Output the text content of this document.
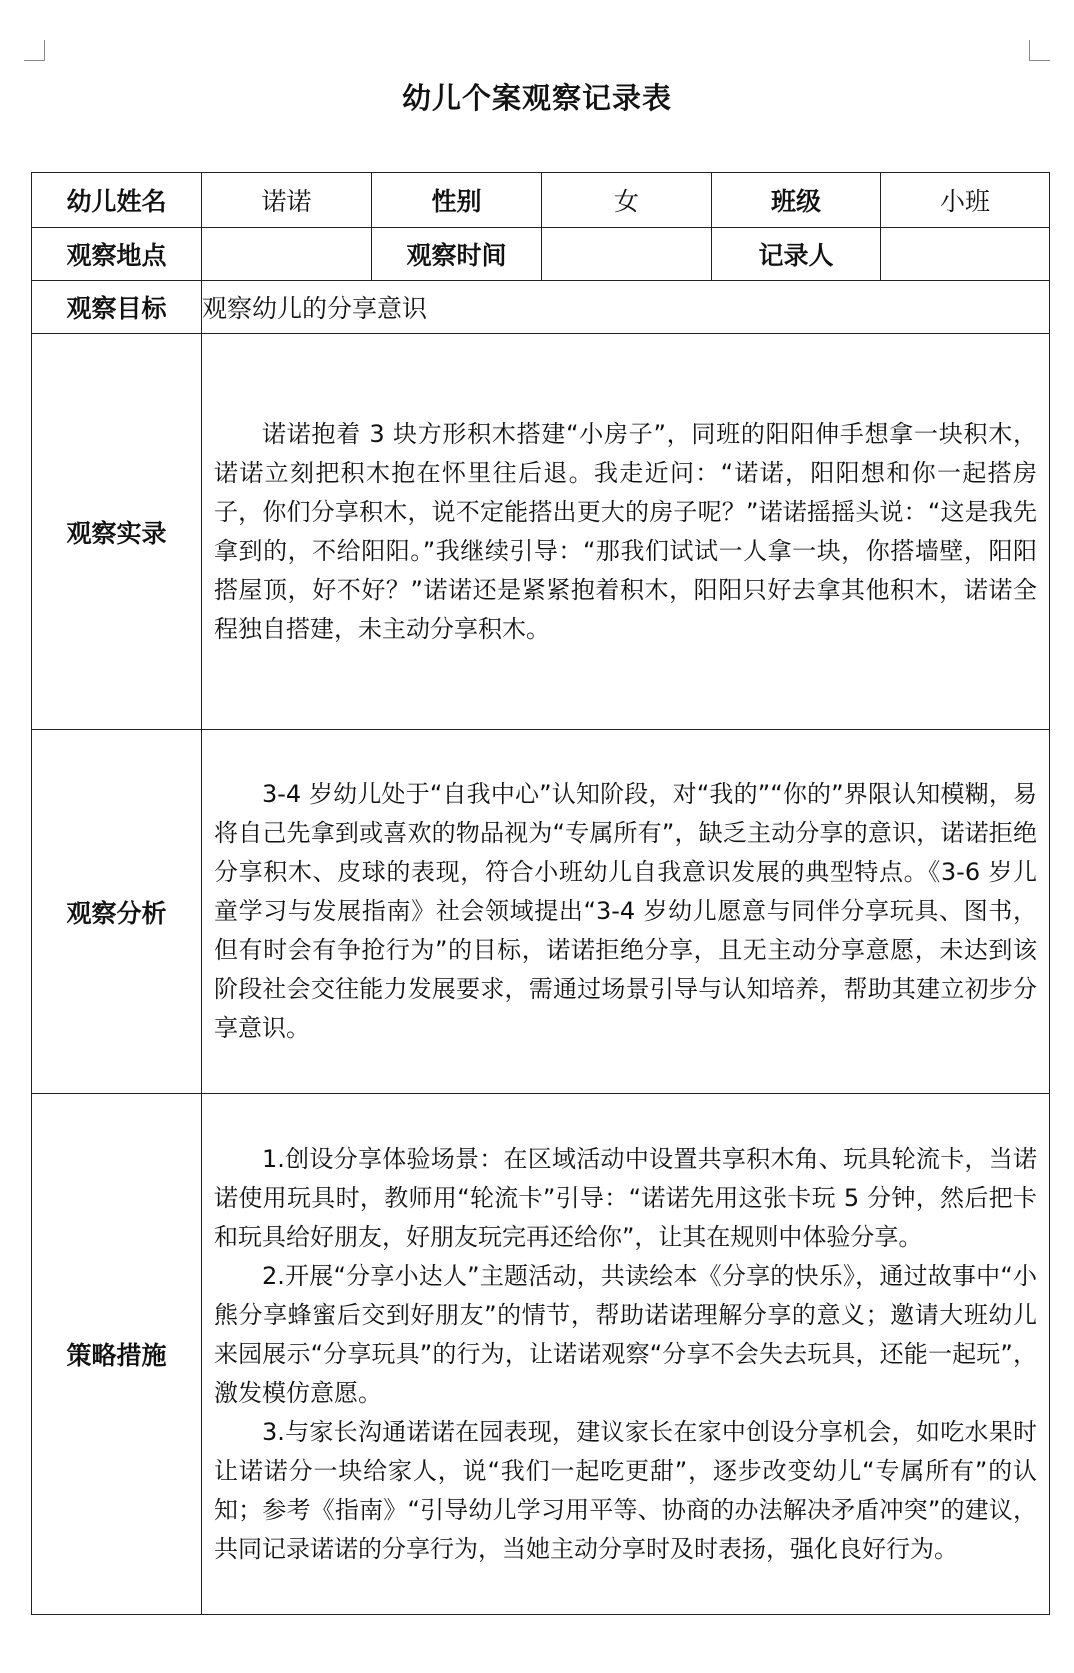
幼儿个案观察记录表
幼儿姓名	诺诺	性别	女	班级	小班
观察地点		观察时间		记录人	
观察目标	观察幼儿的分享意识				
观察实录	诺诺抱着 3 块方形积木搭建“小房子”，同班的阳阳伸手想拿一块积木，诺诺立刻把积木抱在怀里往后退。我走近问：“诺诺，阳阳想和你一起搭房子，你们分享积木，说不定能搭出更大的房子呢？”诺诺摇摇头说：“这是我先拿到的，不给阳阳。”我继续引导：“那我们试试一人拿一块，你搭墙壁，阳阳搭屋顶，好不好？”诺诺还是紧紧抱着积木，阳阳只好去拿其他积木，诺诺全程独自搭建，未主动分享积木。				

观察分析	3-4 岁幼儿处于“自我中心”认知阶段，对“我的”“你的”界限认知模糊，易将自己先拿到或喜欢的物品视为“专属所有”，缺乏主动分享的意识，诺诺拒绝分享积木、皮球的表现，符合小班幼儿自我意识发展的典型特点。《3-6 岁儿童学习与发展指南》社会领域提出“3-4 岁幼儿愿意与同伴分享玩具、图书，但有时会有争抢行为”的目标，诺诺拒绝分享，且无主动分享意愿，未达到该阶段社会交往能力发展要求，需通过场景引导与认知培养，帮助其建立初步分享意识。				

策略措施	1.创设分享体验场景：在区域活动中设置共享积木角、玩具轮流卡，当诺诺使用玩具时，教师用“轮流卡”引导：“诺诺先用这张卡玩 5 分钟，然后把卡和玩具给好朋友，好朋友玩完再还给你”，让其在规则中体验分享。

2.开展“分享小达人”主题活动，共读绘本《分享的快乐》，通过故事中“小熊分享蜂蜜后交到好朋友”的情节，帮助诺诺理解分享的意义；邀请大班幼儿来园展示“分享玩具”的行为，让诺诺观察“分享不会失去玩具，还能一起玩”，激发模仿意愿。

3.与家长沟通诺诺在园表现，建议家长在家中创设分享机会，如吃水果时让诺诺分一块给家人，说“我们一起吃更甜”，逐步改变幼儿“专属所有”的认知；参考《指南》“引导幼儿学习用平等、协商的办法解决矛盾冲突”的建议，共同记录诺诺的分享行为，当她主动分享时及时表扬，强化良好行为。				
